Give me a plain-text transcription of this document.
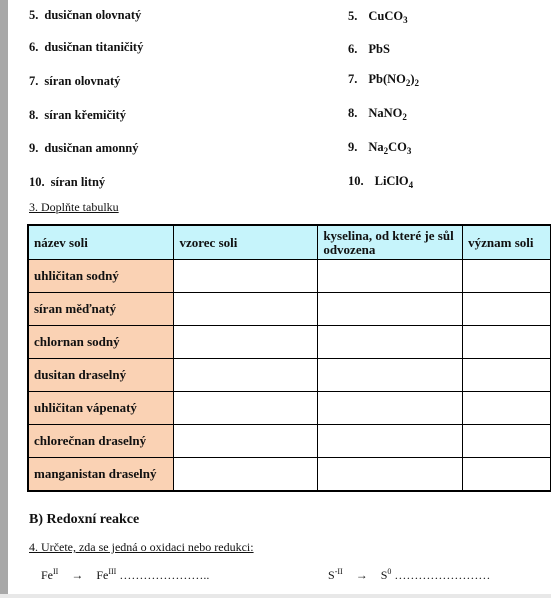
5. dusičnan olovnatý
6. dusičnan titaničitý
7. síran olovnatý
8. síran křemičitý
9. dusičnan amonný
10. síran litný
5. CuCO$_3$
6. PbS
7. $Pb(NO_2)_2$
8. NaNO$_2$
9. $Na_2CO_3$
10. LiClO$_4$
3. Doplňte tabulku
název soli	vzorec soli	kyselina, od které je sůl odvozena	význam soli
uhličitan sodný			
síran měďnatý			
chlornan sodný			
dusitan draselný			
uhličitan vápenatý			
chlorečnan draselný			
manganistan draselný			
B) Redoxní reakce
4. Určete, zda se jedná o oxidaci nebo redukci:
$Fe^{II} \to Fe^{III}$ …………………..	$S^{-II} \to S^0$ ……………………
